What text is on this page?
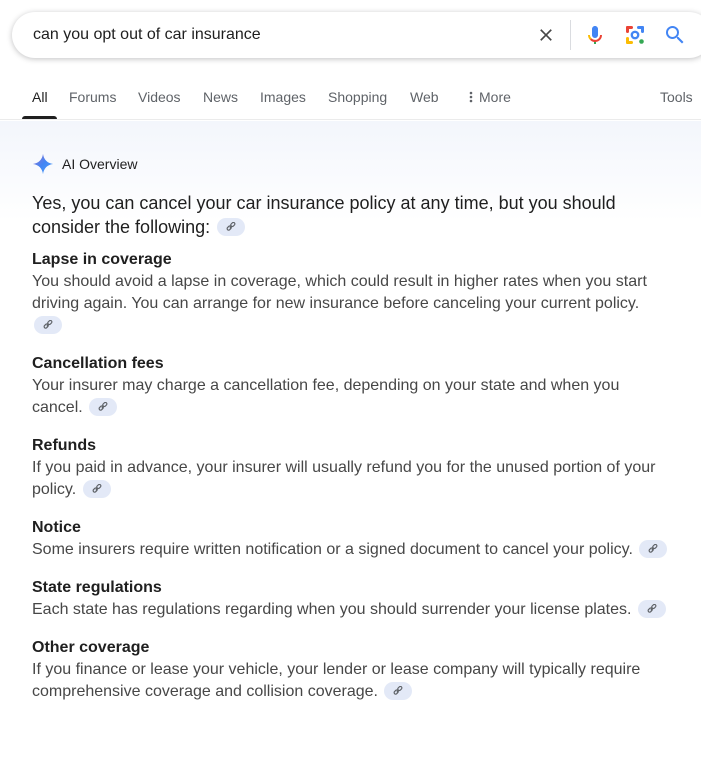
can you opt out of car insurance
All Forums Videos News Images Shopping Web	More	Tools
AI Overview

Yes, you can cancel your car insurance policy at any time, but you should consider the following:

Lapse in coverage

You should avoid a lapse in coverage, which could result in higher rates when you start driving again. You can arrange for new insurance before canceling your current policy.

Cancellation fees

Your insurer may charge a cancellation fee, depending on your state and when you cancel.

Refunds

If you paid in advance, your insurer will usually refund you for the unused portion of your policy.

Notice

Some insurers require written notification or a signed document to cancel your policy.

State regulations

Each state has regulations regarding when you should surrender your license plates.

Other coverage

If you finance or lease your vehicle, your lender or lease company will typically require comprehensive coverage and collision coverage.
